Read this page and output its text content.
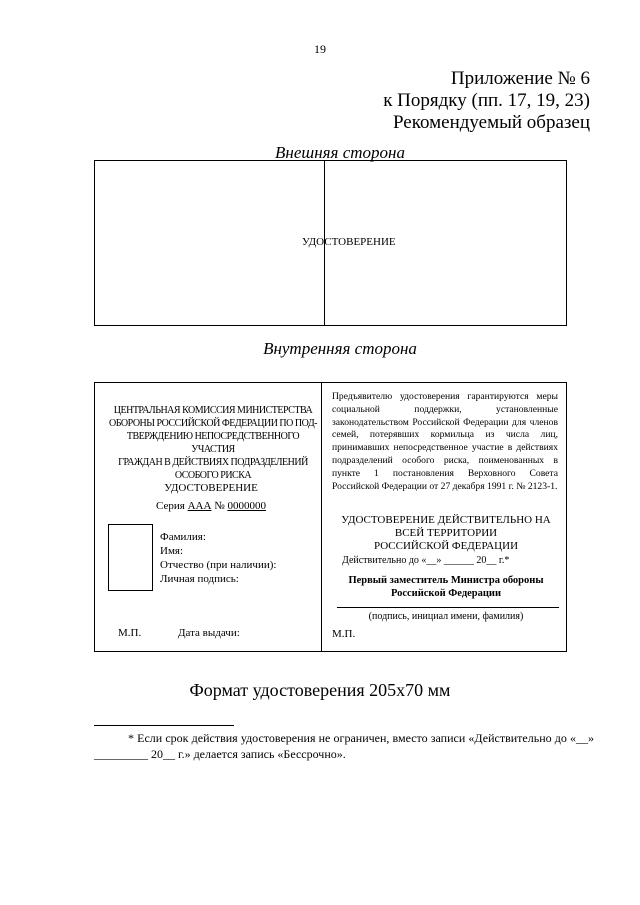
19
Приложение № 6
к Порядку (пп. 17, 19, 23)
Рекомендуемый образец
Внешняя сторона
УДОСТОВЕРЕНИЕ
Внутренняя сторона
ЦЕНТРАЛЬНАЯ КОМИССИЯ МИНИСТЕРСТВА
ОБОРОНЫ РОССИЙСКОЙ ФЕДЕРАЦИИ ПО ПОД-
ТВЕРЖДЕНИЮ НЕПОСРЕДСТВЕННОГО УЧАСТИЯ
ГРАЖДАН В ДЕЙСТВИЯХ ПОДРАЗДЕЛЕНИЙ
ОСОБОГО РИСКА
УДОСТОВЕРЕНИЕ
Серия ААА № 0000000
Фамилия:
Имя:
Отчество (при наличии):
Личная подпись:
М.П.	Дата выдачи:
Предъявителю удостоверения гарантируются меры социальной поддержки, установленные законодательством Российской Федерации для членов семей, потерявших кормильца из числа лиц, принимавших непосредственное участие в действиях подразделений особого риска, поименованных в пункте 1 постановления Верховного Совета Российской Федерации от 27 декабря 1991 г. № 2123-1.
УДОСТОВЕРЕНИЕ ДЕЙСТВИТЕЛЬНО НА
ВСЕЙ ТЕРРИТОРИИ
РОССИЙСКОЙ ФЕДЕРАЦИИ
Действительно до «__» ______ 20__ г.*
Первый заместитель Министра обороны
Российской Федерации
(подпись, инициал имени, фамилия)
М.П.
Формат удостоверения 205x70 мм
* Если срок действия удостоверения не ограничен, вместо записи «Действительно до «__» _________ 20__ г.» делается запись «Бессрочно».
